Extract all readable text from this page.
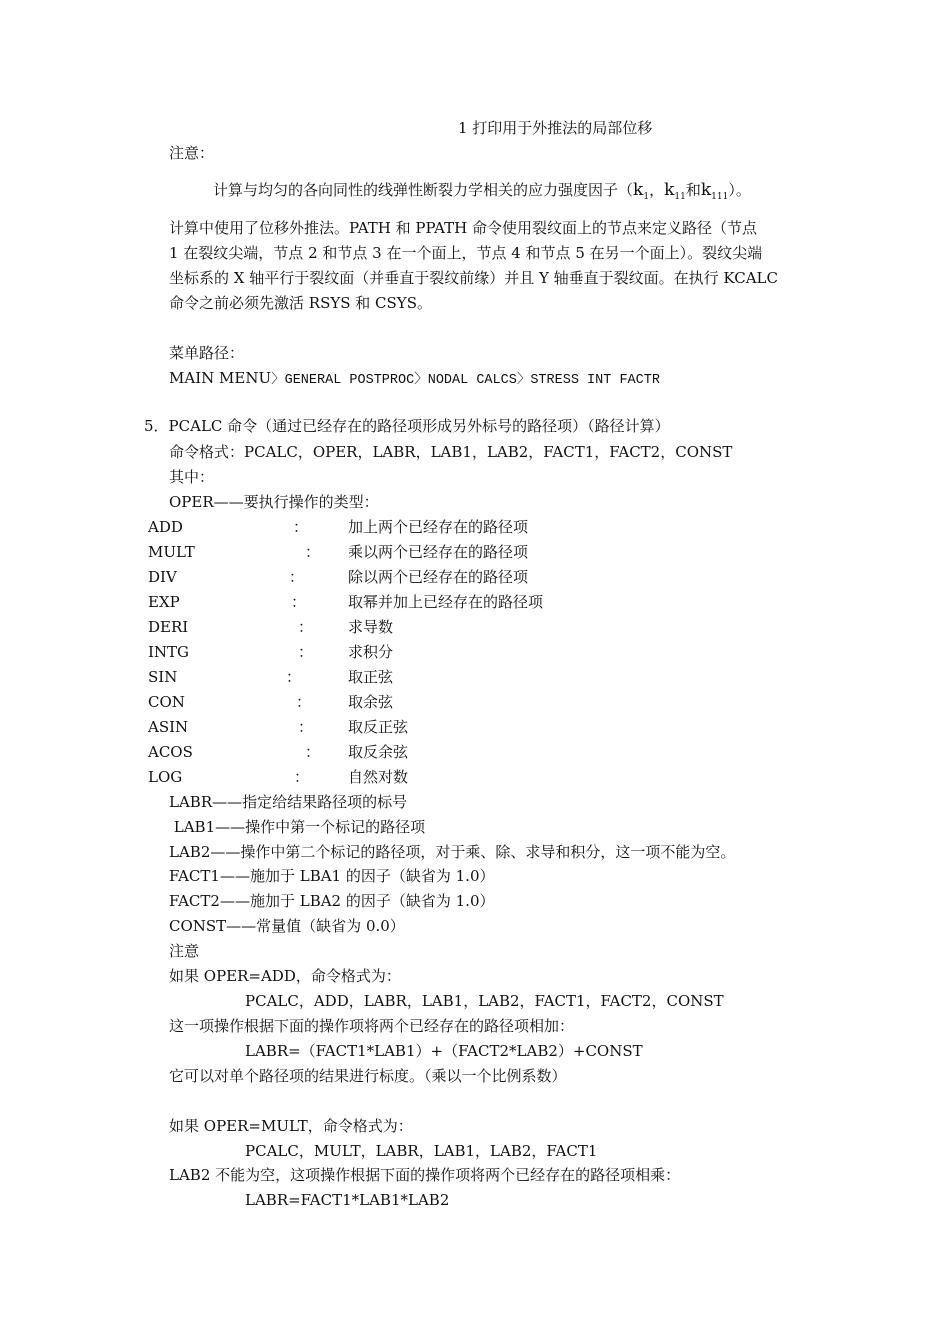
1 打印用于外推法的局部位移
注意：
计算与均匀的各向同性的线弹性断裂力学相关的应力强度因子（$k_1$，$k_{11}$和$k_{111}$）。
计算中使用了位移外推法。PATH 和 PPATH 命令使用裂纹面上的节点来定义路径（节点
1 在裂纹尖端，节点 2 和节点 3 在一个面上，节点 4 和节点 5 在另一个面上）。裂纹尖端
坐标系的 X 轴平行于裂纹面（并垂直于裂纹前缘）并且 Y 轴垂直于裂纹面。在执行 KCALC
命令之前必须先激活 RSYS 和 CSYS。
菜单路径：
MAIN MENU〉GENERAL POSTPROC〉NODAL CALCS〉STRESS INT FACTR
5．PCALC 命令（通过已经存在的路径项形成另外标号的路径项）（路径计算）
命令格式：PCALC，OPER，LABR，LAB1，LAB2，FACT1，FACT2，CONST
其中：
OPER——要执行操作的类型：
ADD	：	加上两个已经存在的路径项
MULT	： 乘以两个已经存在的路径项
DIV	：	除以两个已经存在的路径项
EXP	：	取幂并加上已经存在的路径项
DERI	： 求导数
INTG	： 求积分
SIN	：	取正弦
CON	： 取余弦
ASIN	： 取反正弦
ACOS	： 取反余弦
LOG	：	自然对数
LABR——指定给结果路径项的标号
LAB1——操作中第一个标记的路径项
LAB2——操作中第二个标记的路径项，对于乘、除、求导和积分，这一项不能为空。
FACT1——施加于 LBA1 的因子（缺省为 1.0）
FACT2——施加于 LBA2 的因子（缺省为 1.0）
CONST——常量值（缺省为 0.0）
注意
如果 OPER=ADD，命令格式为：
PCALC，ADD，LABR，LAB1，LAB2，FACT1，FACT2，CONST
这一项操作根据下面的操作项将两个已经存在的路径项相加：
LABR=（FACT1*LAB1）+（FACT2*LAB2）+CONST
它可以对单个路径项的结果进行标度。（乘以一个比例系数）
如果 OPER=MULT，命令格式为：
PCALC，MULT，LABR，LAB1，LAB2，FACT1
LAB2 不能为空，这项操作根据下面的操作项将两个已经存在的路径项相乘：
LABR=FACT1*LAB1*LAB2
